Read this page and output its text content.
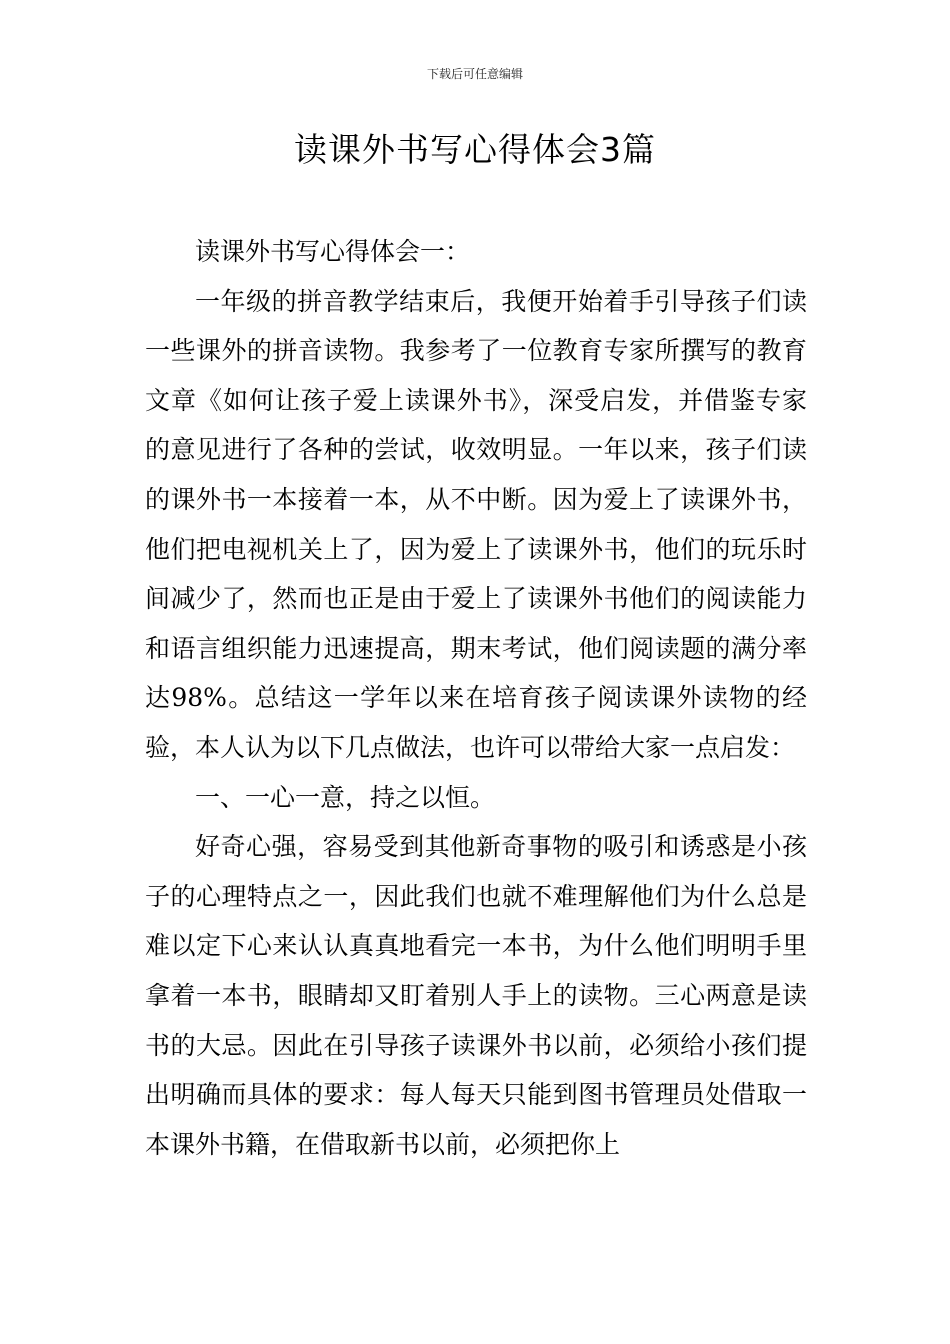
下载后可任意编辑
读课外书写心得体会3篇

读课外书写心得体会一：

一年级的拼音教学结束后，我便开始着手引导孩子们读一些课外的拼音读物。我参考了一位教育专家所撰写的教育文章《如何让孩子爱上读课外书》，深受启发，并借鉴专家的意见进行了各种的尝试，收效明显。一年以来，孩子们读的课外书一本接着一本，从不中断。因为爱上了读课外书，他们把电视机关上了，因为爱上了读课外书，他们的玩乐时间减少了，然而也正是由于爱上了读课外书他们的阅读能力和语言组织能力迅速提高，期末考试，他们阅读题的满分率达98%。总结这一学年以来在培育孩子阅读课外读物的经验，本人认为以下几点做法，也许可以带给大家一点启发：

一、一心一意，持之以恒。

好奇心强，容易受到其他新奇事物的吸引和诱惑是小孩子的心理特点之一，因此我们也就不难理解他们为什么总是难以定下心来认认真真地看完一本书，为什么他们明明手里拿着一本书，眼睛却又盯着别人手上的读物。三心两意是读书的大忌。因此在引导孩子读课外书以前，必须给小孩们提出明确而具体的要求：每人每天只能到图书管理员处借取一本课外书籍，在借取新书以前，必须把你上
